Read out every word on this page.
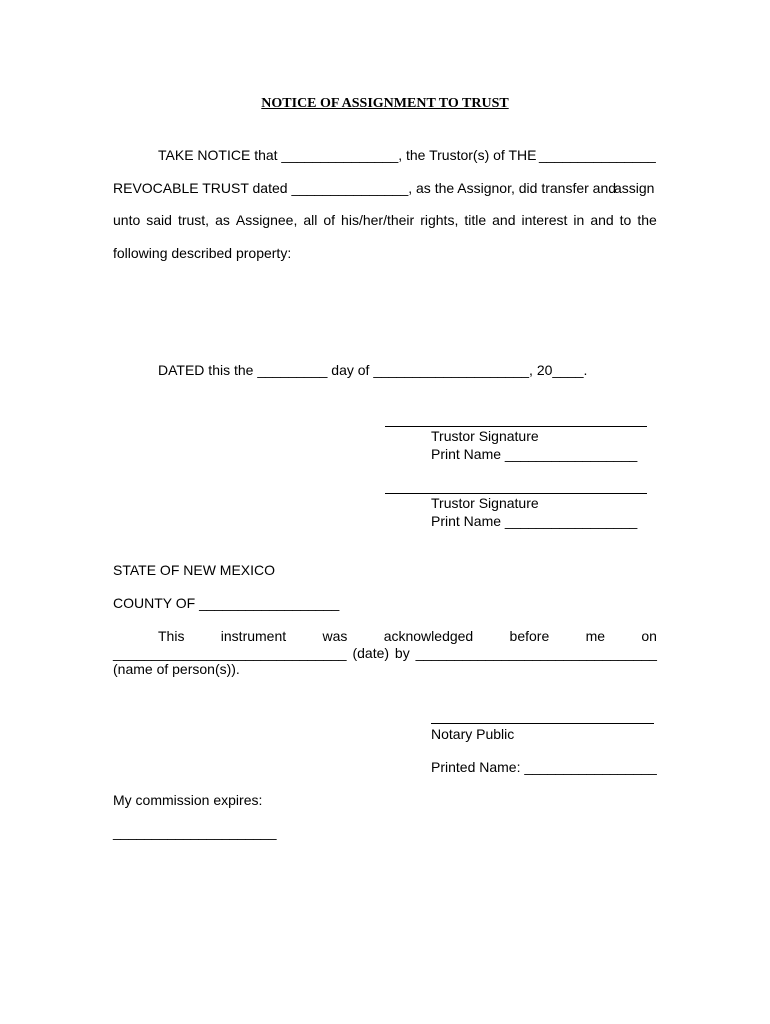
NOTICE OF ASSIGNMENT TO TRUST
TAKE NOTICE that _______________, the Trustor(s) of THE _______________
REVOCABLE TRUST dated _______________, as the Assignor, did transfer and
assign
unto said trust, as Assignee, all of his/her/their rights, title and interest in and to the
following described property:
DATED this the _________ day of ____________________, 20____.
Trustor Signature
Print Name _________________
Trustor Signature
Print Name _________________
STATE OF NEW MEXICO
COUNTY OF __________________
This	instrument	was	acknowledged	before	me	on
______________________________ (date) by _______________________________
(name of person(s)).
Notary Public
Printed Name: _________________
My commission expires:
_____________________
